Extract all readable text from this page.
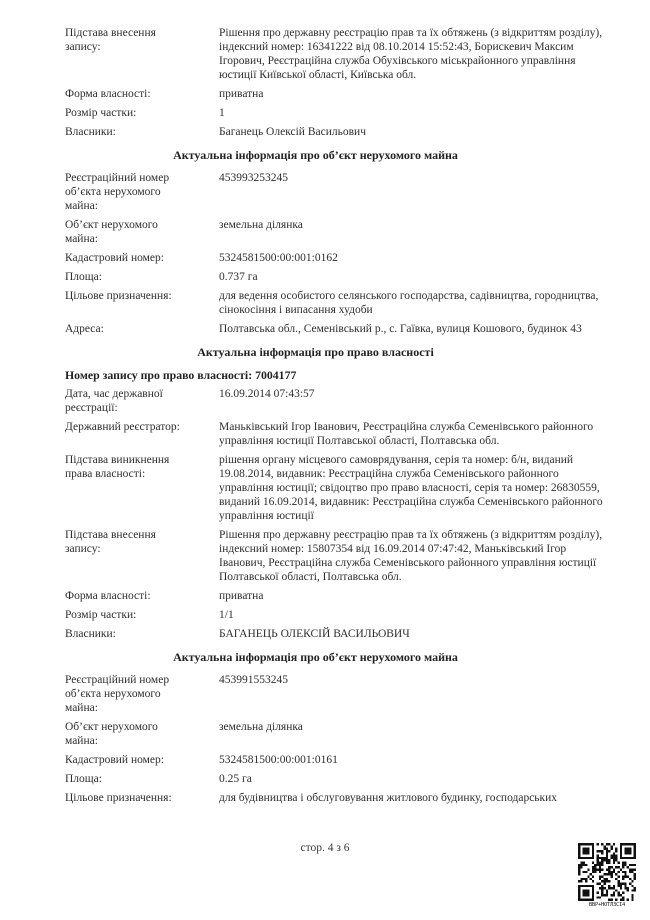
Підстава внесення запису:
Рішення про державну реєстрацію прав та їх обтяжень (з відкриттям розділу), індексний номер: 16341222 від 08.10.2014 15:52:43, Борискевич Максим Ігорович, Реєстраційна служба Обухівського міськрайонного управління юстиції Київської області, Київська обл.
Форма власності:	приватна
Розмір частки:	1
Власники:	Баганець Олексій Васильович
Актуальна інформація про об’єкт нерухомого майна
Реєстраційний номер об’єкта нерухомого майна:
453993253245
Об’єкт нерухомого майна:
земельна ділянка
Кадастровий номер:	5324581500:00:001:0162
Площа:	0.737 га
Цільове призначення:	для ведення особистого селянського господарства, садівництва, городництва, сінокосіння і випасання худоби
Адреса:	Полтавська обл., Семенівський р., с. Гаївка, вулиця Кошового, будинок 43
Актуальна інформація про право власності
Номер запису про право власності: 7004177
Дата, час державної реєстрації:
16.09.2014 07:43:57
Державний реєстратор:	Маньківський Ігор Іванович, Реєстраційна служба Семенівського районного управління юстиції Полтавської області, Полтавська обл.
Підстава виникнення права власності:
рішення органу місцевого самоврядування, серія та номер: б/н, виданий 19.08.2014, видавник: Реєстраційна служба Семенівського районного управління юстиції; свідоцтво про право власності, серія та номер: 26830559, виданий 16.09.2014, видавник: Реєстраційна служба Семенівського районного управління юстиції
Підстава внесення запису:
Рішення про державну реєстрацію прав та їх обтяжень (з відкриттям розділу), індексний номер: 15807354 від 16.09.2014 07:47:42, Маньківський Ігор Іванович, Реєстраційна служба Семенівського районного управління юстиції Полтавської області, Полтавська обл.
Форма власності:	приватна
Розмір частки:	1/1
Власники:	БАГАНЕЦЬ ОЛЕКСІЙ ВАСИЛЬОВИЧ
Актуальна інформація про об’єкт нерухомого майна
Реєстраційний номер об’єкта нерухомого майна:
453991553245
Об’єкт нерухомого майна:
земельна ділянка
Кадастровий номер:	5324581500:00:001:0161
Площа:	0.25 га
Цільове призначення:	для будівництва і обслуговування житлового будинку, господарських
стор. 4 з 6
ВВР+НОТЛЗСІ4
